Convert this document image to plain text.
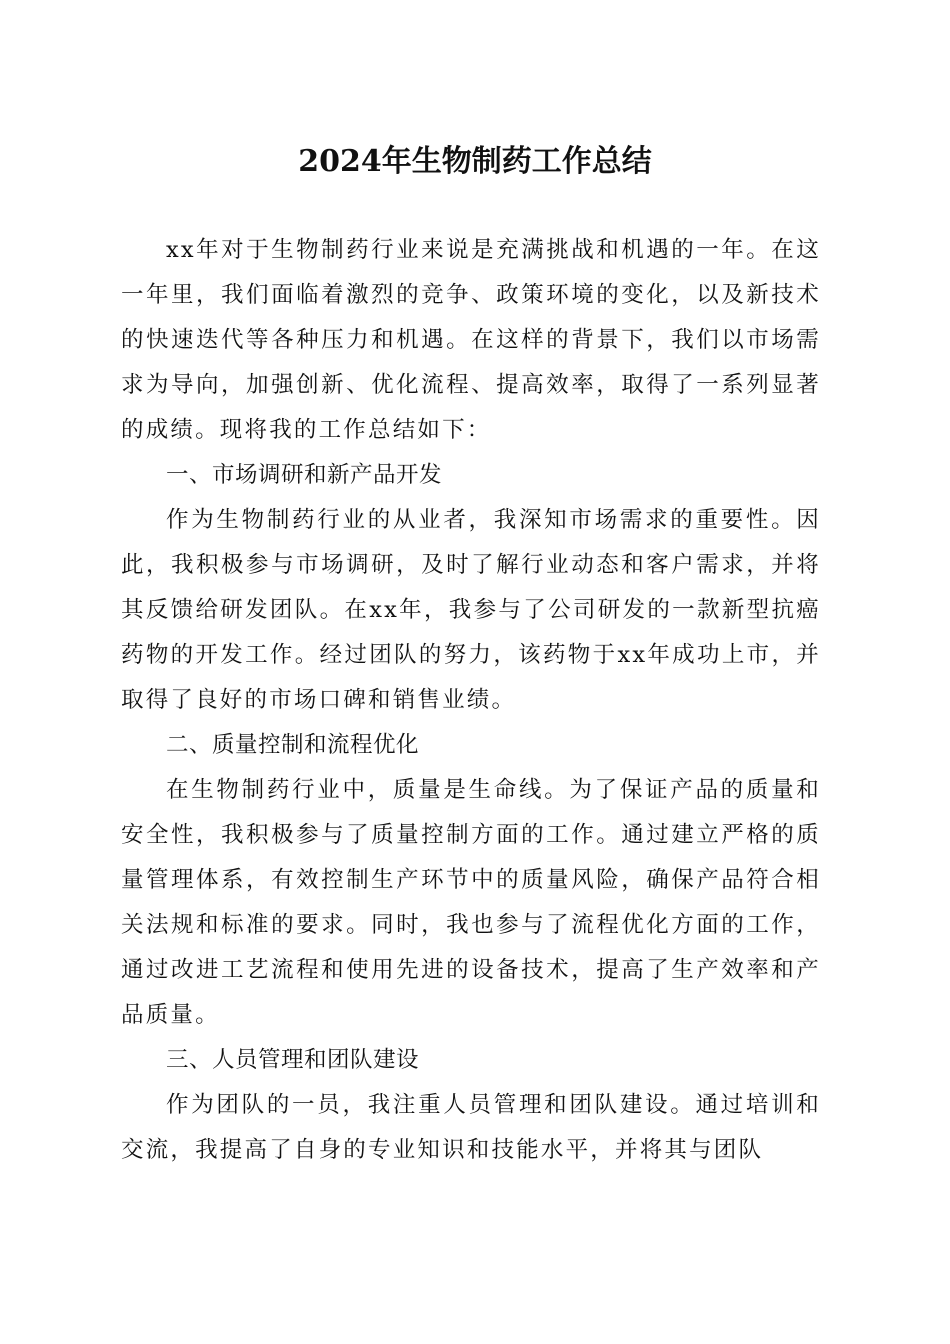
2024年生物制药工作总结

xx年对于生物制药行业来说是充满挑战和机遇的一年。在这一年里，我们面临着激烈的竞争、政策环境的变化，以及新技术的快速迭代等各种压力和机遇。在这样的背景下，我们以市场需求为导向，加强创新、优化流程、提高效率，取得了一系列显著的成绩。现将我的工作总结如下：

一、市场调研和新产品开发

作为生物制药行业的从业者，我深知市场需求的重要性。因此，我积极参与市场调研，及时了解行业动态和客户需求，并将其反馈给研发团队。在xx年，我参与了公司研发的一款新型抗癌药物的开发工作。经过团队的努力，该药物于xx年成功上市，并取得了良好的市场口碑和销售业绩。

二、质量控制和流程优化

在生物制药行业中，质量是生命线。为了保证产品的质量和安全性，我积极参与了质量控制方面的工作。通过建立严格的质量管理体系，有效控制生产环节中的质量风险，确保产品符合相关法规和标准的要求。同时，我也参与了流程优化方面的工作，通过改进工艺流程和使用先进的设备技术，提高了生产效率和产品质量。

三、人员管理和团队建设

作为团队的一员，我注重人员管理和团队建设。通过培训和交流，我提高了自身的专业知识和技能水平，并将其与团队
